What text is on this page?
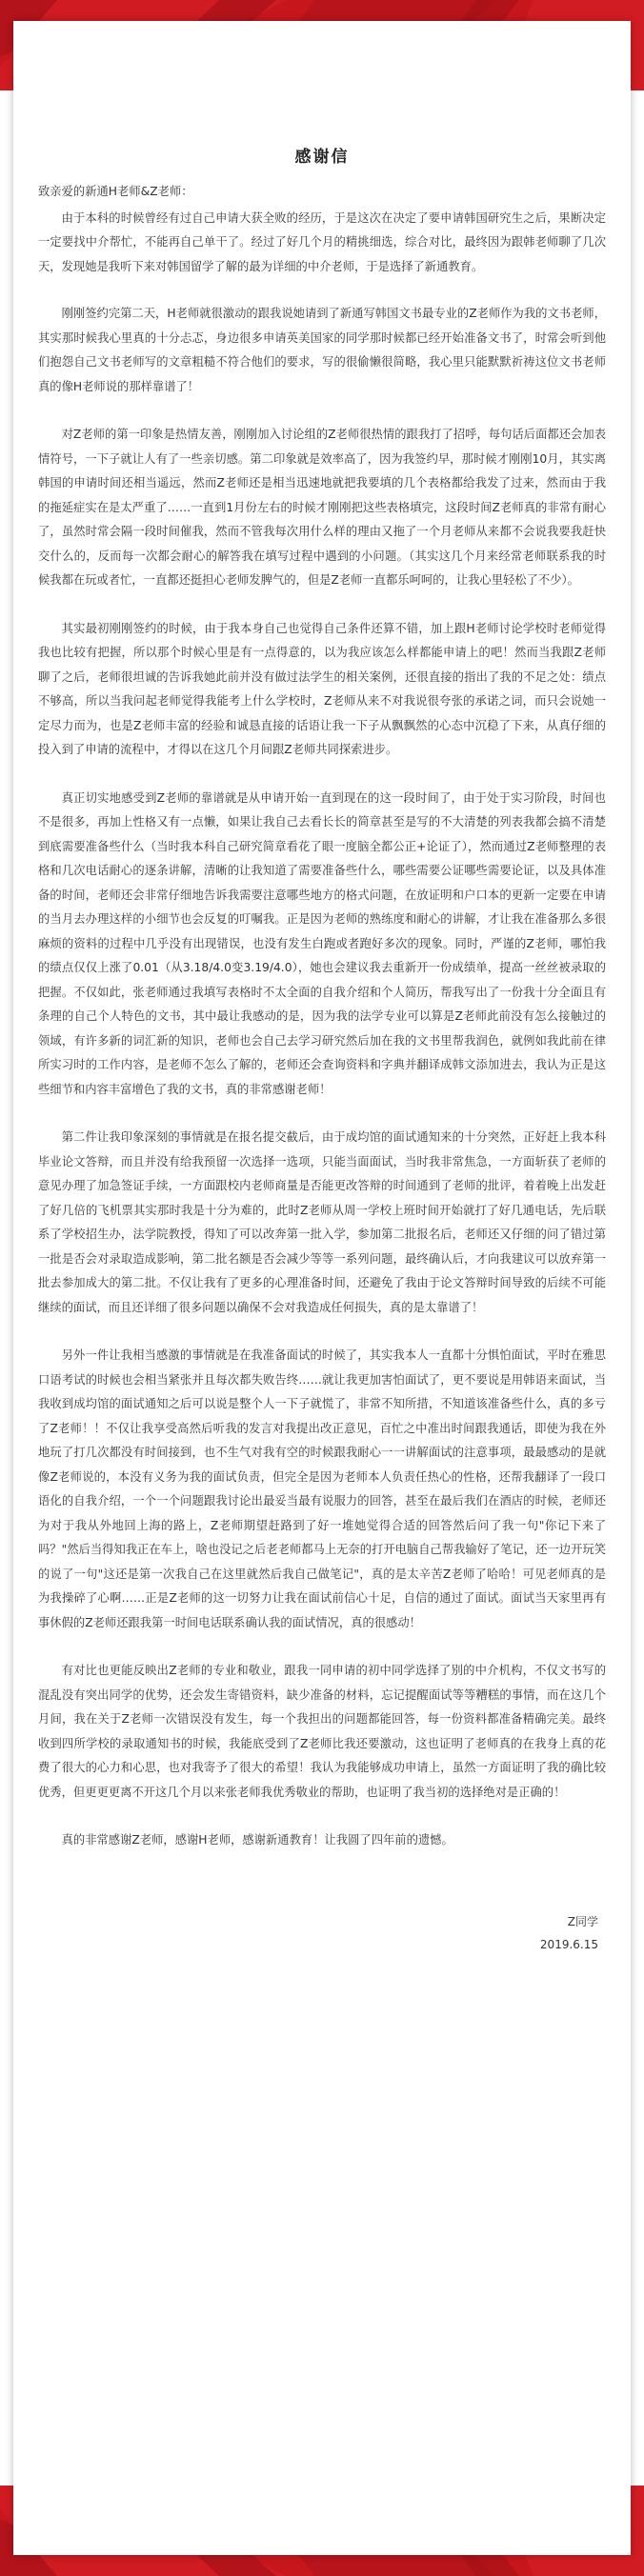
感谢信

致亲爱的新通H老师&Z老师：

由于本科的时候曾经有过自己申请大获全败的经历，于是这次在决定了要申请韩国研究生之后，果断决定一定要找中介帮忙，不能再自己单干了。经过了好几个月的精挑细选，综合对比，最终因为跟韩老师聊了几次天，发现她是我听下来对韩国留学了解的最为详细的中介老师，于是选择了新通教育。

刚刚签约完第二天，H老师就很激动的跟我说她请到了新通写韩国文书最专业的Z老师作为我的文书老师，其实那时候我心里真的十分忐忑，身边很多申请英美国家的同学那时候都已经开始准备文书了，时常会听到他们抱怨自己文书老师写的文章粗糙不符合他们的要求，写的很偷懒很简略，我心里只能默默祈祷这位文书老师真的像H老师说的那样靠谱了！

对Z老师的第一印象是热情友善，刚刚加入讨论组的Z老师很热情的跟我打了招呼，每句话后面都还会加表情符号，一下子就让人有了一些亲切感。第二印象就是效率高了，因为我签约早，那时候才刚刚10月，其实离韩国的申请时间还相当遥远，然而Z老师还是相当迅速地就把我要填的几个表格都给我发了过来，然而由于我的拖延症实在是太严重了……一直到1月份左右的时候才刚刚把这些表格填完，这段时间Z老师真的非常有耐心了，虽然时常会隔一段时间催我，然而不管我每次用什么样的理由又拖了一个月老师从来都不会说我要我赶快交什么的，反而每一次都会耐心的解答我在填写过程中遇到的小问题。（其实这几个月来经常老师联系我的时候我都在玩或者忙，一直都还挺担心老师发脾气的，但是Z老师一直都乐呵呵的，让我心里轻松了不少）。

其实最初刚刚签约的时候，由于我本身自己也觉得自己条件还算不错，加上跟H老师讨论学校时老师觉得我也比较有把握，所以那个时候心里是有一点得意的，以为我应该怎么样都能申请上的吧！然而当我跟Z老师聊了之后，老师很坦诚的告诉我她此前并没有做过法学生的相关案例，还很直接的指出了我的不足之处：绩点不够高，所以当我问起老师觉得我能考上什么学校时，Z老师从来不对我说很夸张的承诺之词，而只会说她一定尽力而为，也是Z老师丰富的经验和诚恳直接的话语让我一下子从飘飘然的心态中沉稳了下来，从真仔细的投入到了申请的流程中，才得以在这几个月间跟Z老师共同探索进步。

真正切实地感受到Z老师的靠谱就是从申请开始一直到现在的这一段时间了，由于处于实习阶段，时间也不是很多，再加上性格又有一点懒，如果让我自己去看长长的简章甚至是写的不大清楚的列表我都会搞不清楚到底需要准备些什么（当时我本科自己研究简章看花了眼一度脑全都公正+论证了），然而通过Z老师整理的表格和几次电话耐心的逐条讲解，清晰的让我知道了需要准备些什么，哪些需要公证哪些需要论证，以及具体准备的时间，老师还会非常仔细地告诉我需要注意哪些地方的格式问题，在放证明和户口本的更新一定要在申请的当月去办理这样的小细节也会反复的叮嘱我。正是因为老师的熟练度和耐心的讲解，才让我在准备那么多很麻烦的资料的过程中几乎没有出现错误，也没有发生白跑或者跑好多次的现象。同时，严谨的Z老师，哪怕我的绩点仅仅上涨了0.01（从3.18/4.0变3.19/4.0），她也会建议我去重新开一份成绩单，提高一丝丝被录取的把握。不仅如此，张老师通过我填写表格时不太全面的自我介绍和个人简历，帮我写出了一份我十分全面且有条理的自己个人特色的文书，其中最让我感动的是，因为我的法学专业可以算是Z老师此前没有怎么接触过的领域，有许多新的词汇新的知识，老师也会自己去学习研究然后加在我的文书里帮我润色，就例如我此前在律所实习时的工作内容，是老师不怎么了解的，老师还会查询资料和字典并翻译成韩文添加进去，我认为正是这些细节和内容丰富增色了我的文书，真的非常感谢老师！

第二件让我印象深刻的事情就是在报名提交截后，由于成均馆的面试通知来的十分突然，正好赶上我本科毕业论文答辩，而且并没有给我预留一次选择一选项，只能当面面试，当时我非常焦急，一方面斩获了老师的意见办理了加急签证手续，一方面跟校内老师商量是否能更改答辩的时间通到了老师的批评，着着晚上出发赶了好几倍的飞机票其实那时我是十分为难的，此时Z老师从周一学校上班时间开始就打了好几通电话，先后联系了学校招生办，法学院教授，得知了可以改奔第一批入学，参加第二批报名后，老师还又仔细的问了错过第一批是否会对录取造成影响，第二批名额是否会减少等等一系列问题，最终确认后，才向我建议可以放弃第一批去参加成大的第二批。不仅让我有了更多的心理准备时间，还避免了我由于论文答辩时间导致的后续不可能继续的面试，而且还详细了很多问题以确保不会对我造成任何损失，真的是太靠谱了！

另外一件让我相当感激的事情就是在我准备面试的时候了，其实我本人一直都十分惧怕面试，平时在雅思口语考试的时候也会相当紧张并且每次都失败告终……就让我更加害怕面试了，更不要说是用韩语来面试，当我收到成均馆的面试通知之后可以说是整个人一下子就慌了，非常不知所措，不知道该准备些什么，真的多亏了Z老师！！不仅让我享受高然后听我的发言对我提出改正意见，百忙之中准出时间跟我通话，即使为我在外地玩了打几次都没有时间接到，也不生气对我有空的时候跟我耐心一一讲解面试的注意事项，最最感动的是就像Z老师说的，本没有义务为我的面试负责，但完全是因为老师本人负责任热心的性格，还帮我翻译了一段口语化的自我介绍，一个一个问题跟我讨论出最妥当最有说服力的回答，甚至在最后我们在酒店的时候，老师还为对于我从外地回上海的路上，Z老师期望赶路到了好一堆她觉得合适的回答然后问了我一句"你记下来了吗？"然后当得知我正在车上，啥也没记之后老老师都马上无奈的打开电脑自己帮我输好了笔记，还一边开玩笑的说了一句"这还是第一次我自己在这里就然后我自己做笔记"，真的是太辛苦Z老师了哈哈！可见老师真的是为我操碎了心啊……正是Z老师的这一切努力让我在面试前信心十足，自信的通过了面试。面试当天家里再有事休假的Z老师还跟我第一时间电话联系确认我的面试情况，真的很感动！

有对比也更能反映出Z老师的专业和敬业，跟我一同申请的初中同学选择了别的中介机构，不仅文书写的混乱没有突出同学的优势，还会发生寄错资料，缺少准备的材料，忘记提醒面试等等糟糕的事情，而在这几个月间，我在关于Z老师一次错误没有发生，每一个我担出的问题都能回答，每一份资料都准备精确完美。最终收到四所学校的录取通知书的时候，我能底受到了Z老师比我还要激动，这也证明了老师真的在我身上真的花费了很大的心力和心思，也对我寄予了很大的希望！我认为我能够成功申请上，虽然一方面证明了我的确比较优秀，但更更更离不开这几个月以来张老师我优秀敬业的帮助，也证明了我当初的选择绝对是正确的！

真的非常感谢Z老师，感谢H老师，感谢新通教育！让我圆了四年前的遗憾。

Z同学
2019.6.15
